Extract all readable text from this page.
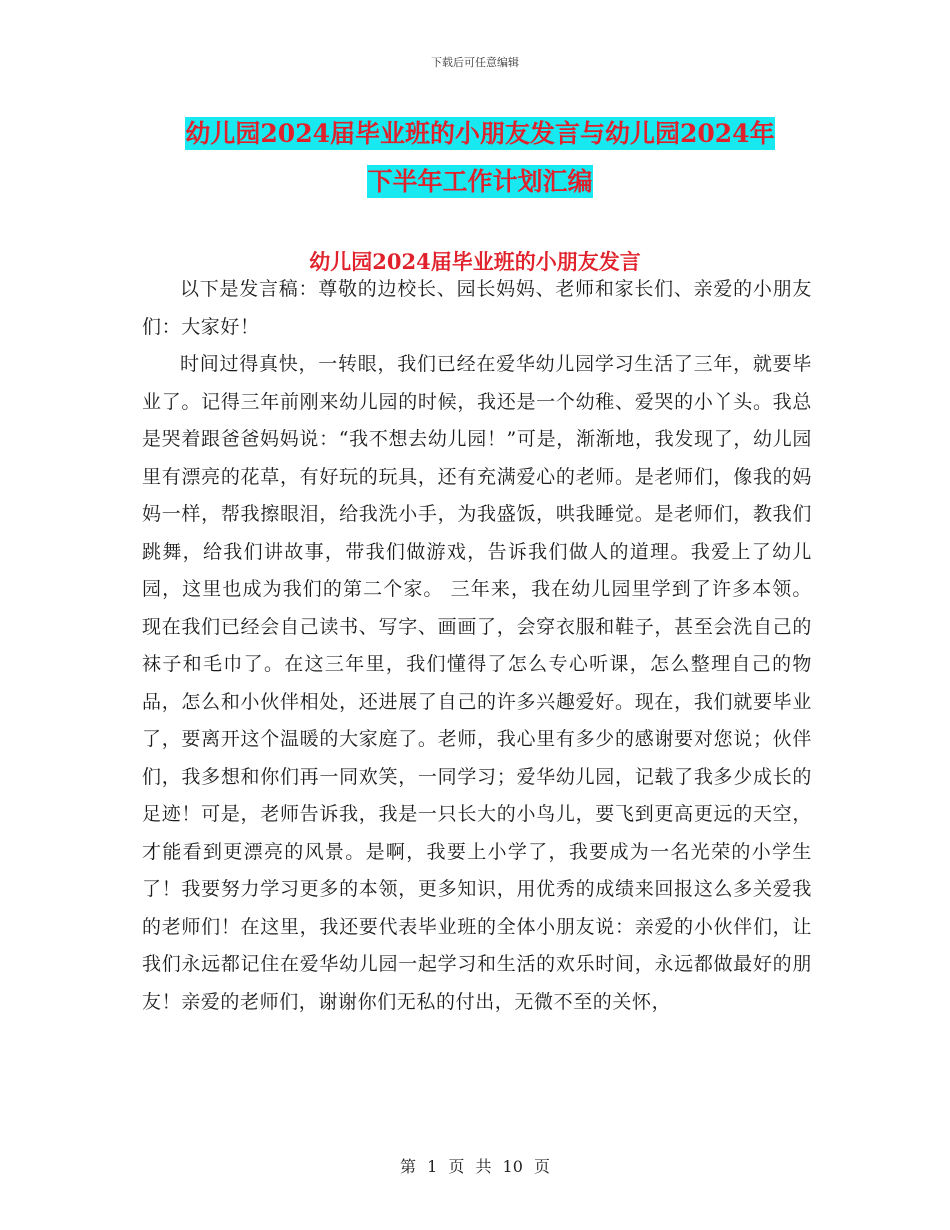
下载后可任意编辑
幼儿园2024届毕业班的小朋友发言与幼儿园2024年
下半年工作计划汇编
幼儿园2024届毕业班的小朋友发言

以下是发言稿：尊敬的边校长、园长妈妈、老师和家长们、亲爱的小朋友们：大家好！

时间过得真快，一转眼，我们已经在爱华幼儿园学习生活了三年，就要毕业了。记得三年前刚来幼儿园的时候，我还是一个幼稚、爱哭的小丫头。我总是哭着跟爸爸妈妈说：“我不想去幼儿园！”可是，渐渐地，我发现了，幼儿园里有漂亮的花草，有好玩的玩具，还有充满爱心的老师。是老师们，像我的妈妈一样，帮我擦眼泪，给我洗小手，为我盛饭，哄我睡觉。是老师们，教我们跳舞，给我们讲故事，带我们做游戏，告诉我们做人的道理。我爱上了幼儿园，这里也成为我们的第二个家。 三年来，我在幼儿园里学到了许多本领。现在我们已经会自己读书、写字、画画了，会穿衣服和鞋子，甚至会洗自己的袜子和毛巾了。在这三年里，我们懂得了怎么专心听课，怎么整理自己的物品，怎么和小伙伴相处，还进展了自己的许多兴趣爱好。现在，我们就要毕业了，要离开这个温暖的大家庭了。老师，我心里有多少的感谢要对您说；伙伴们，我多想和你们再一同欢笑，一同学习；爱华幼儿园，记载了我多少成长的足迹！可是，老师告诉我，我是一只长大的小鸟儿，要飞到更高更远的天空，才能看到更漂亮的风景。是啊，我要上小学了，我要成为一名光荣的小学生了！我要努力学习更多的本领，更多知识，用优秀的成绩来回报这么多关爱我的老师们！在这里，我还要代表毕业班的全体小朋友说：亲爱的小伙伴们，让我们永远都记住在爱华幼儿园一起学习和生活的欢乐时间，永远都做最好的朋友！亲爱的老师们，谢谢你们无私的付出，无微不至的关怀，

第 1 页 共 10 页
